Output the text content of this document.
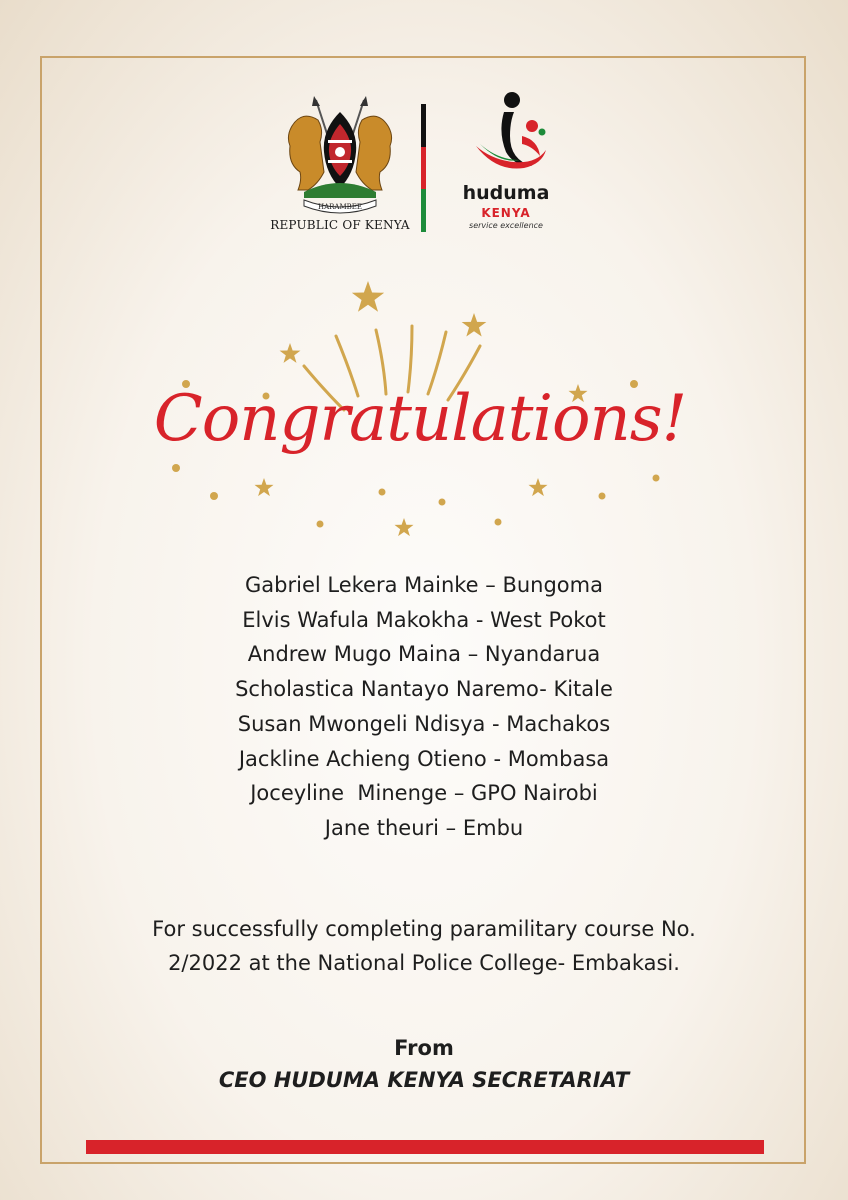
HARAMBEE
REPUBLIC OF KENYA
huduma
KENYA
service excellence
Congratulations!
Gabriel Lekera Mainke – Bungoma
Elvis Wafula Makokha - West Pokot
Andrew Mugo Maina – Nyandarua
Scholastica Nantayo Naremo- Kitale
Susan Mwongeli Ndisya - Machakos
Jackline Achieng Otieno - Mombasa
Joceyline  Minenge – GPO Nairobi
Jane theuri – Embu
For successfully completing paramilitary course No.
2/2022 at the National Police College- Embakasi.
From
CEO HUDUMA KENYA SECRETARIAT
